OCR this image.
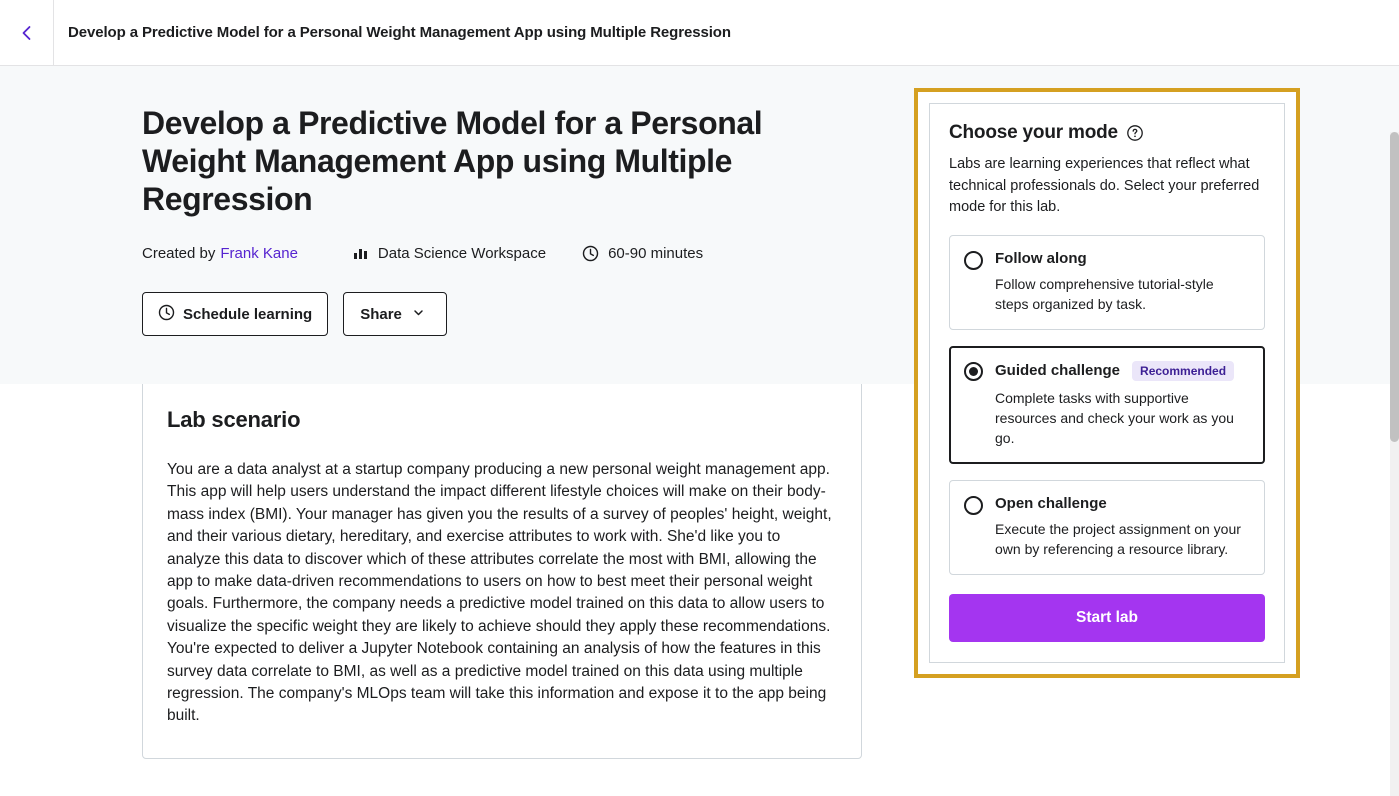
Develop a Predictive Model for a Personal Weight Management App using Multiple Regression
Develop a Predictive Model for a Personal Weight Management App using Multiple Regression
Created by Frank Kane	Data Science Workspace	60-90 minutes
Schedule learning	Share
Lab scenario

You are a data analyst at a startup company producing a new personal weight management app. This app will help users understand the impact different lifestyle choices will make on their body-mass index (BMI). Your manager has given you the results of a survey of peoples' height, weight, and their various dietary, hereditary, and exercise attributes to work with. She'd like you to analyze this data to discover which of these attributes correlate the most with BMI, allowing the app to make data-driven recommendations to users on how to best meet their personal weight goals. Furthermore, the company needs a predictive model trained on this data to allow users to visualize the specific weight they are likely to achieve should they apply these recommendations. You're expected to deliver a Jupyter Notebook containing an analysis of how the features in this survey data correlate to BMI, as well as a predictive model trained on this data using multiple regression. The company's MLOps team will take this information and expose it to the app being built.

Choose your mode
Labs are learning experiences that reflect what technical professionals do. Select your preferred mode for this lab.
Follow along
Follow comprehensive tutorial-style steps organized by task.
Guided challenge	Recommended
Complete tasks with supportive resources and check your work as you go.
Open challenge
Execute the project assignment on your own by referencing a resource library.
Start lab
